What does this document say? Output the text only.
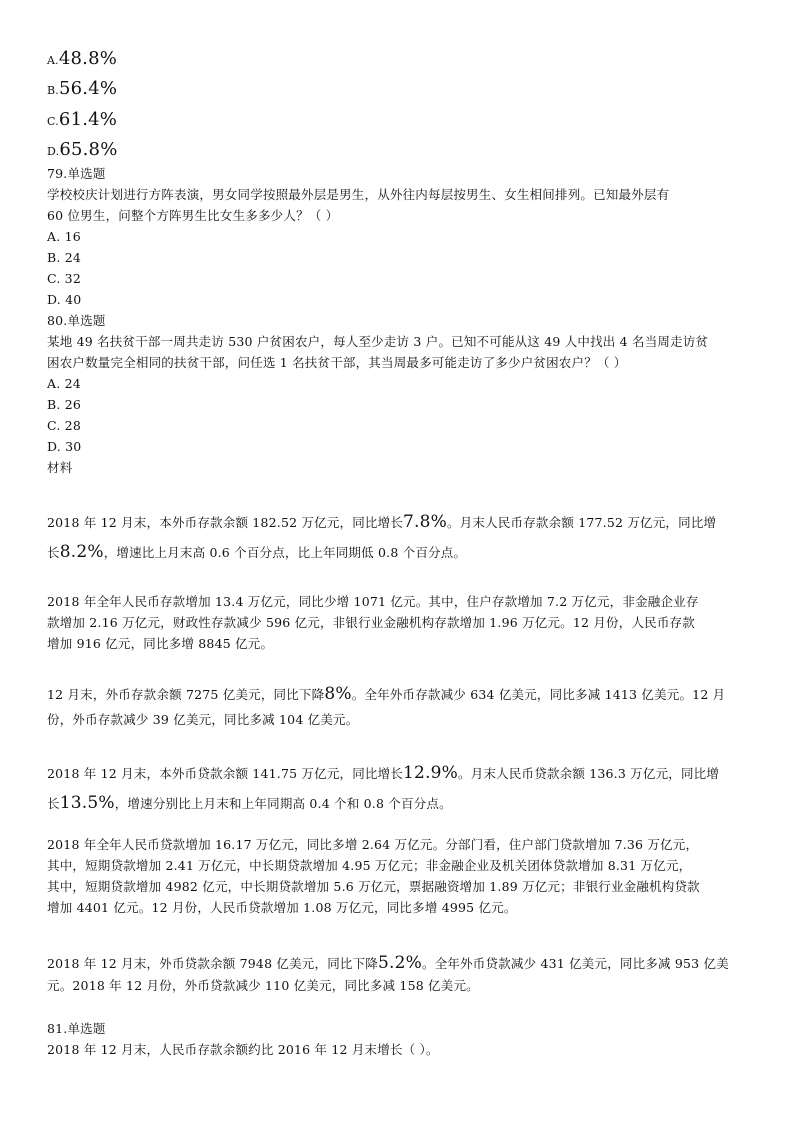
A.48.8%
B.56.4%
C.61.4%
D.65.8%
79.单选题
学校校庆计划进行方阵表演，男女同学按照最外层是男生，从外往内每层按男生、女生相间排列。已知最外层有
60 位男生，问整个方阵男生比女生多多少人？（ ）
A. 16
B. 24
C. 32
D. 40
80.单选题
某地 49 名扶贫干部一周共走访 530 户贫困农户，每人至少走访 3 户。已知不可能从这 49 人中找出 4 名当周走访贫
困农户数量完全相同的扶贫干部，问任选 1 名扶贫干部，其当周最多可能走访了多少户贫困农户？（ ）
A. 24
B. 26
C. 28
D. 30
材料
2018 年 12 月末，本外币存款余额 182.52 万亿元，同比增长7.8%。月末人民币存款余额 177.52 万亿元，同比增
长8.2%，增速比上月末高 0.6 个百分点，比上年同期低 0.8 个百分点。
2018 年全年人民币存款增加 13.4 万亿元，同比少增 1071 亿元。其中，住户存款增加 7.2 万亿元，非金融企业存
款增加 2.16 万亿元，财政性存款减少 596 亿元，非银行业金融机构存款增加 1.96 万亿元。12 月份，人民币存款
增加 916 亿元，同比多增 8845 亿元。
12 月末，外币存款余额 7275 亿美元，同比下降8%。全年外币存款减少 634 亿美元，同比多减 1413 亿美元。12 月
份，外币存款减少 39 亿美元，同比多减 104 亿美元。
2018 年 12 月末，本外币贷款余额 141.75 万亿元，同比增长12.9%。月末人民币贷款余额 136.3 万亿元，同比增
长13.5%，增速分别比上月末和上年同期高 0.4 个和 0.8 个百分点。
2018 年全年人民币贷款增加 16.17 万亿元，同比多增 2.64 万亿元。分部门看，住户部门贷款增加 7.36 万亿元，
其中，短期贷款增加 2.41 万亿元，中长期贷款增加 4.95 万亿元；非金融企业及机关团体贷款增加 8.31 万亿元，
其中，短期贷款增加 4982 亿元，中长期贷款增加 5.6 万亿元，票据融资增加 1.89 万亿元；非银行业金融机构贷款
增加 4401 亿元。12 月份，人民币贷款增加 1.08 万亿元，同比多增 4995 亿元。
2018 年 12 月末，外币贷款余额 7948 亿美元，同比下降5.2%。全年外币贷款减少 431 亿美元，同比多减 953 亿美
元。2018 年 12 月份，外币贷款减少 110 亿美元，同比多减 158 亿美元。
81.单选题
2018 年 12 月末，人民币存款余额约比 2016 年 12 月末增长（ ）。
